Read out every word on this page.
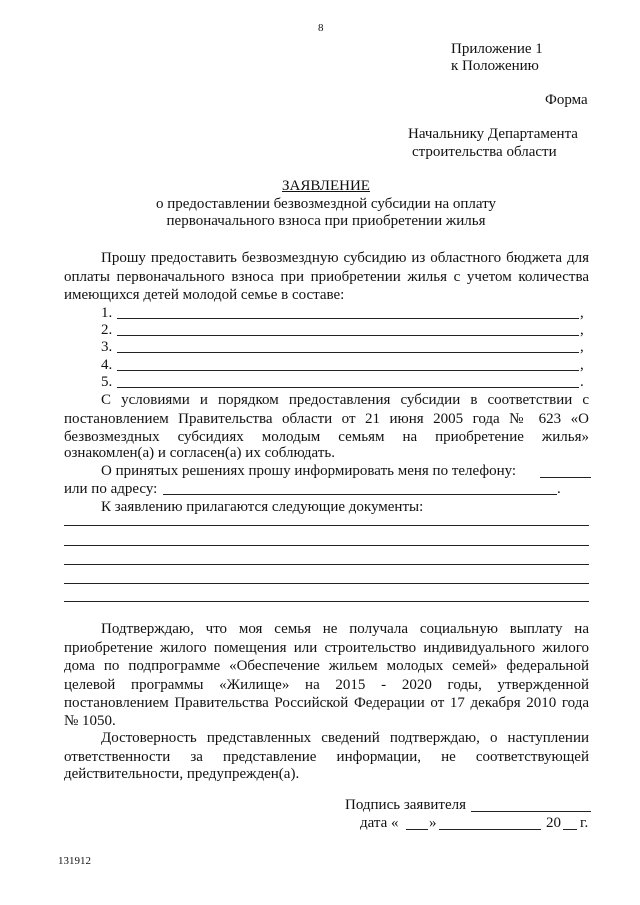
8
Приложение 1
к Положению
Форма
Начальнику Департамента
строительства области
ЗАЯВЛЕНИЕ
о предоставлении безвозмездной субсидии на оплату
первоначального взноса при приобретении жилья
Прошу предоставить безвозмездную субсидию из областного бюджета для
оплаты первоначального взноса при приобретении жилья с учетом количества
имеющихся детей молодой семье в составе:
1.	,
2.	,
3.	,
4.	,
5.	.
С условиями и порядком предоставления субсидии в соответствии с
постановлением Правительства области от 21 июня 2005 года № 623 «О
безвозмездных субсидиях молодым семьям на приобретение жилья»
ознакомлен(а) и согласен(а) их соблюдать.
О принятых решениях прошу информировать меня по телефону:
или по адресу:	.
К заявлению прилагаются следующие документы:
Подтверждаю, что моя семья не получала социальную выплату на
приобретение жилого помещения или строительство индивидуального жилого
дома по подпрограмме «Обеспечение жильем молодых семей» федеральной
целевой программы «Жилище» на 2015 - 2020 годы, утвержденной
постановлением Правительства Российской Федерации от 17 декабря 2010 года
№ 1050.
Достоверность представленных сведений подтверждаю, о наступлении
ответственности за представление информации, не соответствующей
действительности, предупрежден(а).
Подпись заявителя
дата « »	20 г.
131912
